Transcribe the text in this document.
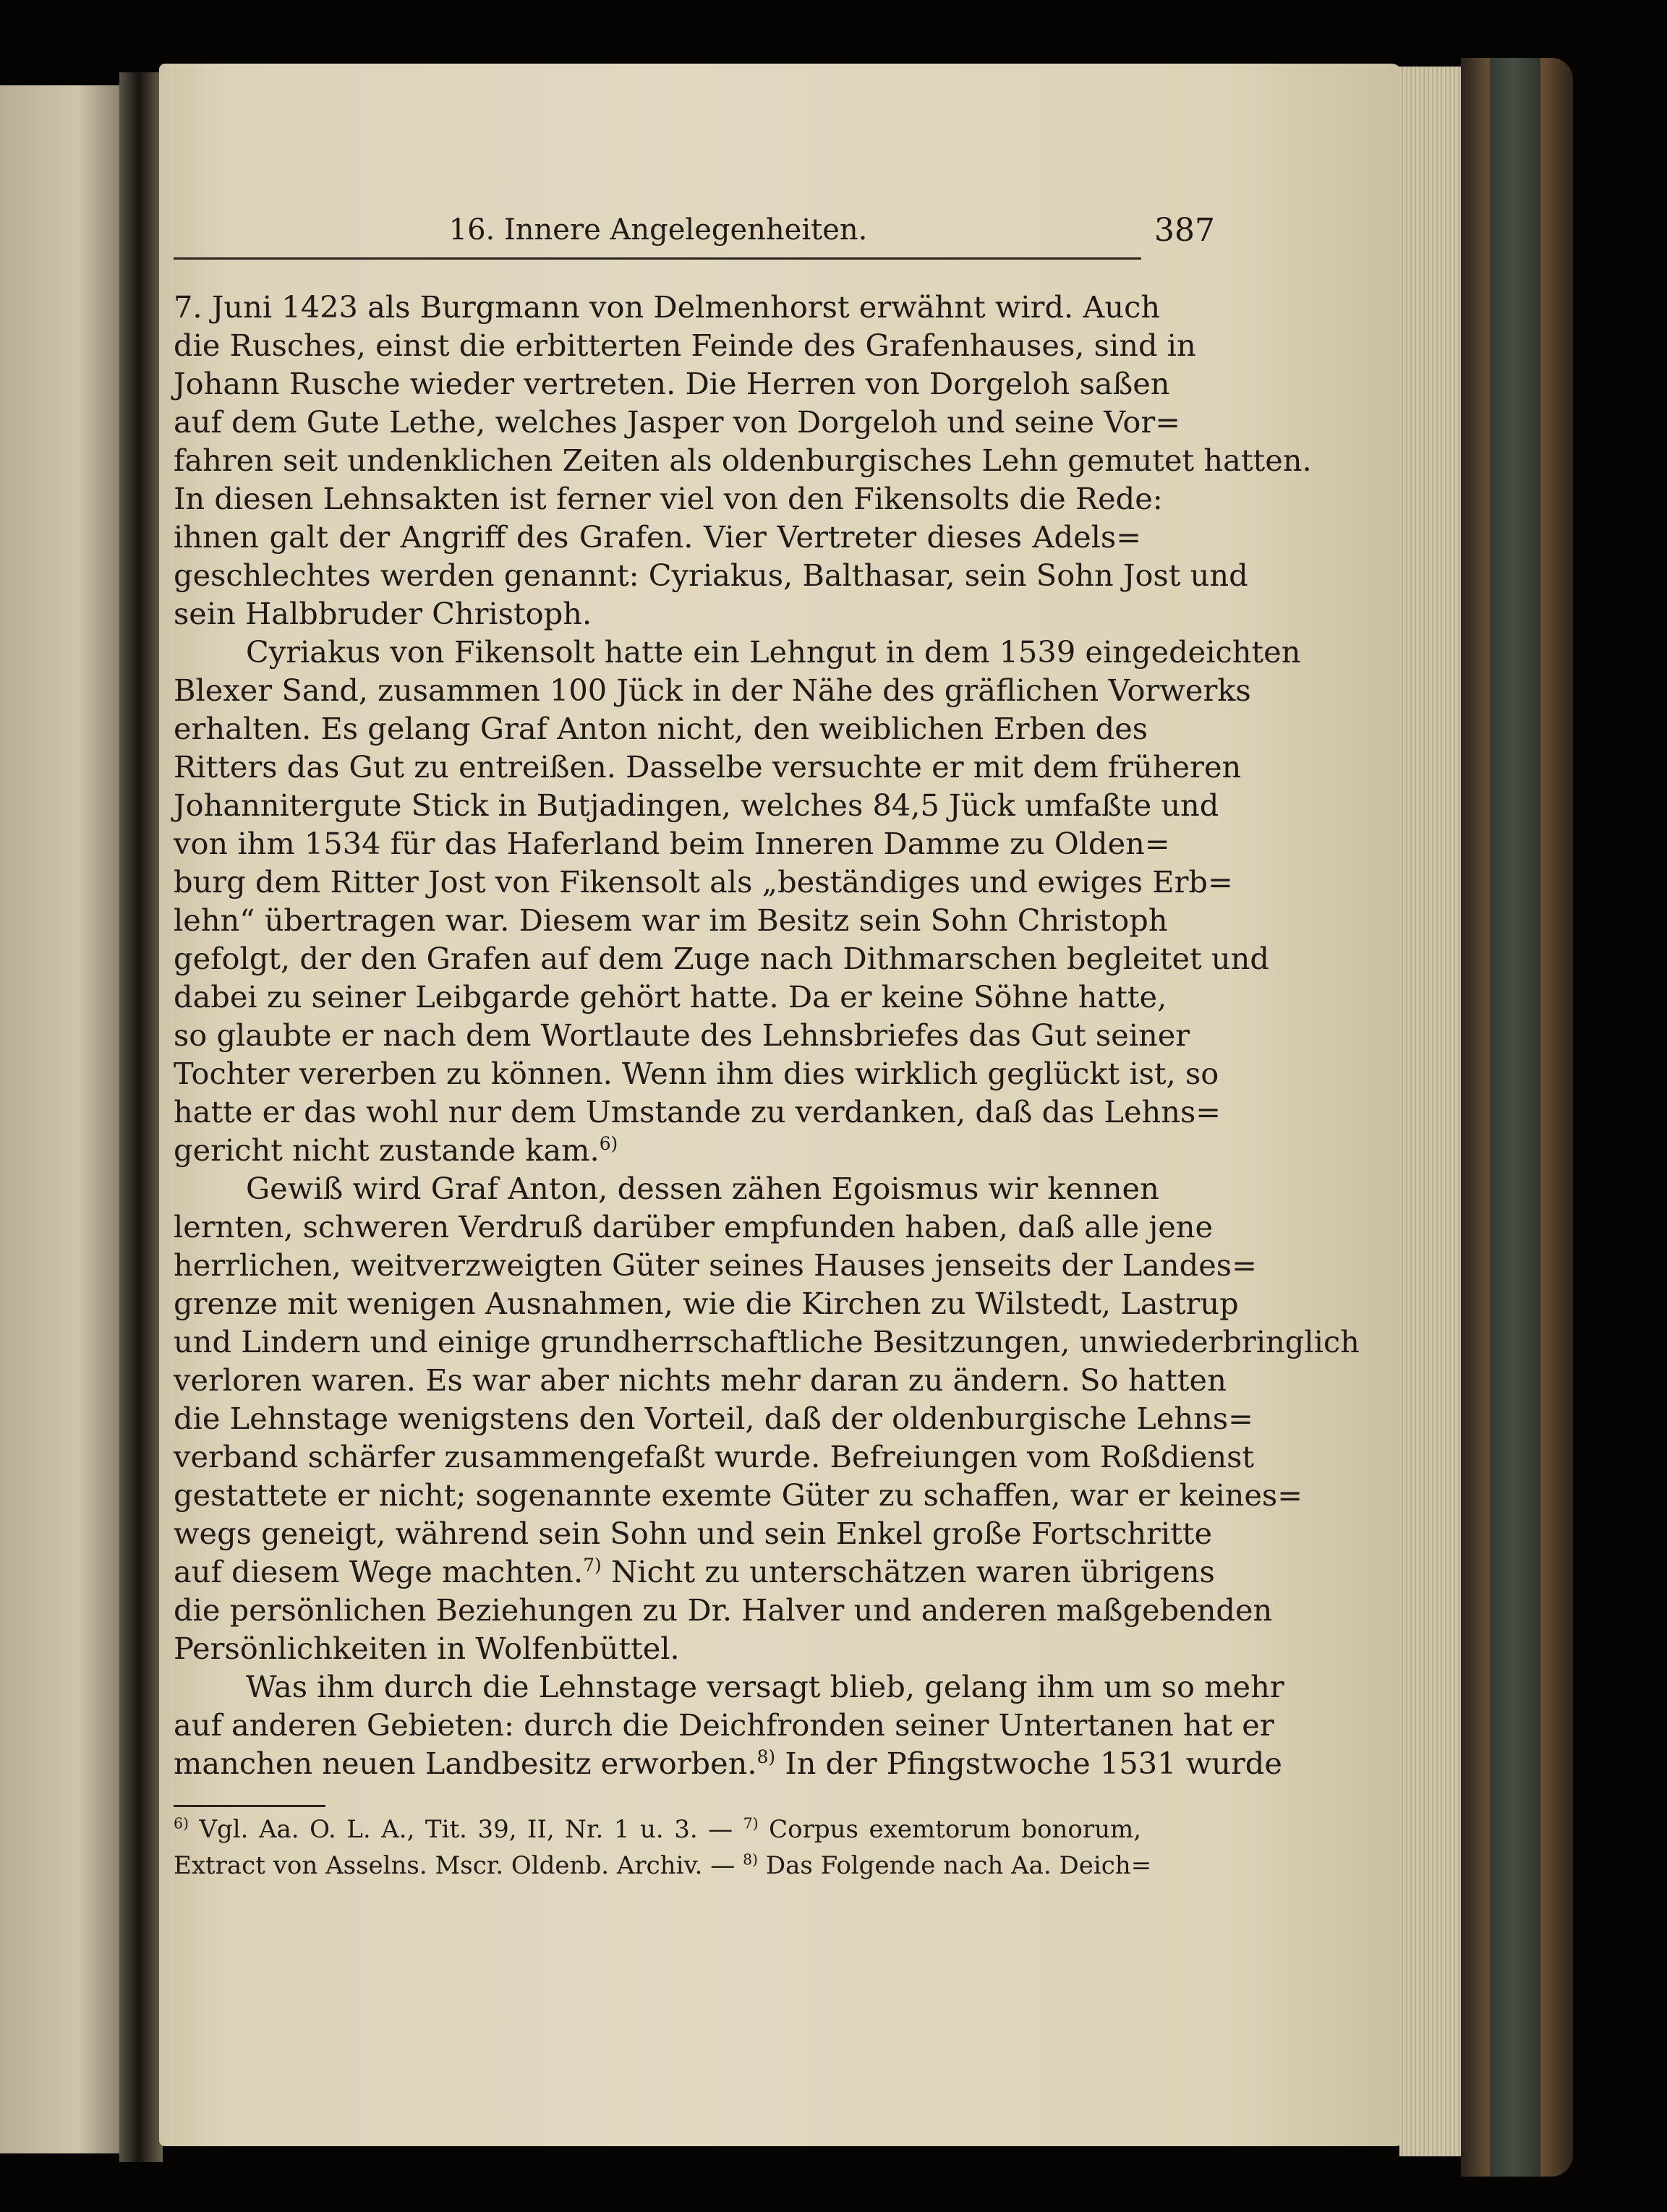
16. Innere Angelegenheiten.	387
7. Juni 1423 als Burgmann von Delmenhorst erwähnt wird. Auch
die Rusches, einst die erbitterten Feinde des Grafenhauses, sind in
Johann Rusche wieder vertreten. Die Herren von Dorgeloh saßen
auf dem Gute Lethe, welches Jasper von Dorgeloh und seine Vor=
fahren seit undenklichen Zeiten als oldenburgisches Lehn gemutet hatten.
In diesen Lehnsakten ist ferner viel von den Fikensolts die Rede:
ihnen galt der Angriff des Grafen. Vier Vertreter dieses Adels=
geschlechtes werden genannt: Cyriakus, Balthasar, sein Sohn Jost und
sein Halbbruder Christoph.
Cyriakus von Fikensolt hatte ein Lehngut in dem 1539 eingedeichten
Blexer Sand, zusammen 100 Jück in der Nähe des gräflichen Vorwerks
erhalten. Es gelang Graf Anton nicht, den weiblichen Erben des
Ritters das Gut zu entreißen. Dasselbe versuchte er mit dem früheren
Johannitergute Stick in Butjadingen, welches 84,5 Jück umfaßte und
von ihm 1534 für das Haferland beim Inneren Damme zu Olden=
burg dem Ritter Jost von Fikensolt als „beständiges und ewiges Erb=
lehn“ übertragen war. Diesem war im Besitz sein Sohn Christoph
gefolgt, der den Grafen auf dem Zuge nach Dithmarschen begleitet und
dabei zu seiner Leibgarde gehört hatte. Da er keine Söhne hatte,
so glaubte er nach dem Wortlaute des Lehnsbriefes das Gut seiner
Tochter vererben zu können. Wenn ihm dies wirklich geglückt ist, so
hatte er das wohl nur dem Umstande zu verdanken, daß das Lehns=
gericht nicht zustande kam.$^{6)}$
Gewiß wird Graf Anton, dessen zähen Egoismus wir kennen
lernten, schweren Verdruß darüber empfunden haben, daß alle jene
herrlichen, weitverzweigten Güter seines Hauses jenseits der Landes=
grenze mit wenigen Ausnahmen, wie die Kirchen zu Wilstedt, Lastrup
und Lindern und einige grundherrschaftliche Besitzungen, unwiederbringlich
verloren waren. Es war aber nichts mehr daran zu ändern. So hatten
die Lehnstage wenigstens den Vorteil, daß der oldenburgische Lehns=
verband schärfer zusammengefaßt wurde. Befreiungen vom Roßdienst
gestattete er nicht; sogenannte exemte Güter zu schaffen, war er keines=
wegs geneigt, während sein Sohn und sein Enkel große Fortschritte
auf diesem Wege machten.$^{7)}$ Nicht zu unterschätzen waren übrigens
die persönlichen Beziehungen zu Dr. Halver und anderen maßgebenden
Persönlichkeiten in Wolfenbüttel.
Was ihm durch die Lehnstage versagt blieb, gelang ihm um so mehr
auf anderen Gebieten: durch die Deichfronden seiner Untertanen hat er
manchen neuen Landbesitz erworben.$^{8)}$ In der Pfingstwoche 1531 wurde
$^{6)}$ Vgl. Aa. O. L. A., Tit. 39, II, Nr. 1 u. 3. — $^{7)}$ Corpus exemtorum bonorum,
Extract von Asselns. Mscr. Oldenb. Archiv. — $^{8)}$ Das Folgende nach Aa. Deich=
